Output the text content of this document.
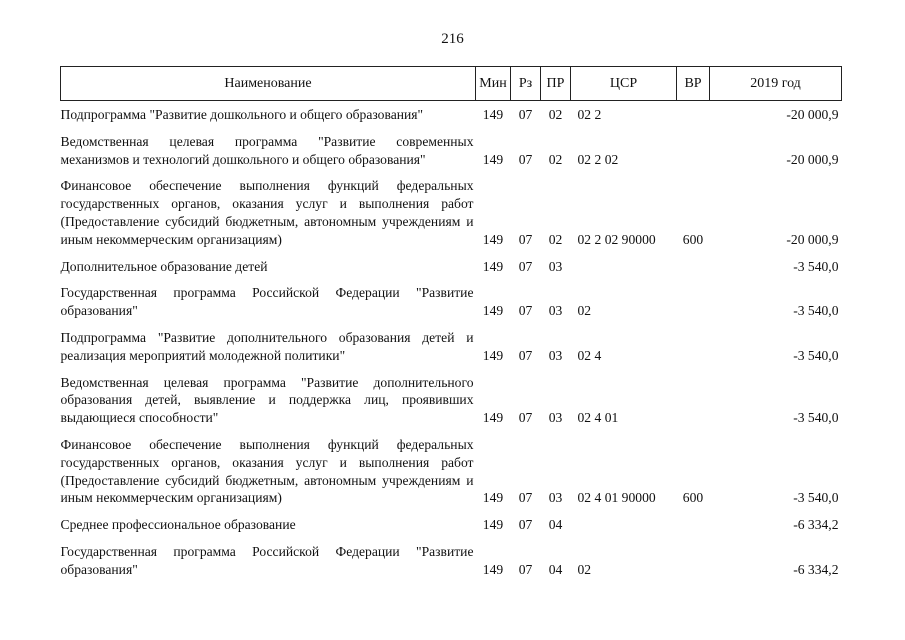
216
Наименование	Мин	Рз	ПР	ЦСР	ВР	2019 год
Подпрограмма "Развитие дошкольного и общего образования"	149	07	02	02 2		-20 000,9
Ведомственная целевая программа "Развитие современных механизмов и технологий дошкольного и общего образования"	149	07	02	02 2 02		-20 000,9
Финансовое обеспечение выполнения функций федеральных государственных органов, оказания услуг и выполнения работ (Предоставление субсидий бюджетным, автономным учреждениям и иным некоммерческим организациям)	149	07	02	02 2 02 90000	600	-20 000,9
Дополнительное образование детей	149	07	03			-3 540,0
Государственная программа Российской Федерации "Развитие образования"	149	07	03	02		-3 540,0
Подпрограмма "Развитие дополнительного образования детей и реализация мероприятий молодежной политики"	149	07	03	02 4		-3 540,0
Ведомственная целевая программа "Развитие дополнительного образования детей, выявление и поддержка лиц, проявивших выдающиеся способности"	149	07	03	02 4 01		-3 540,0
Финансовое обеспечение выполнения функций федеральных государственных органов, оказания услуг и выполнения работ (Предоставление субсидий бюджетным, автономным учреждениям и иным некоммерческим организациям)	149	07	03	02 4 01 90000	600	-3 540,0
Среднее профессиональное образование	149	07	04			-6 334,2
Государственная программа Российской Федерации "Развитие образования"	149	07	04	02		-6 334,2
